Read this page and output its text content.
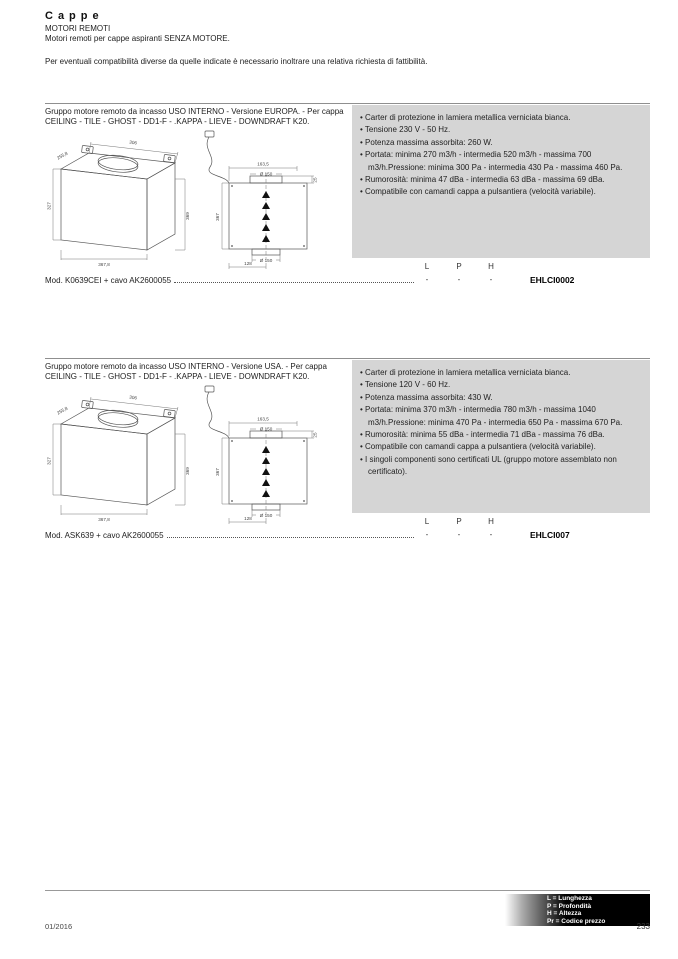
Cappe
MOTORI REMOTI
Motori remoti per cappe aspiranti SENZA MOTORE.
Per eventuali compatibilità diverse da quelle indicate è necessario inoltrare una relativa richiesta di fattibilità.

Gruppo motore remoto da incasso USO INTERNO - Versione EUROPA. - Per cappa CEILING - TILE - GHOST - DD1-F - .KAPPA - LIEVE - DOWNDRAFT K20.

306
255,8
327
369
367,8
163,5
Ø 150
25
367
Ø 150
128
• Carter di protezione in lamiera metallica verniciata bianca.
• Tensione 230 V - 50 Hz.
• Potenza massima assorbita: 260 W.
• Portata: minima 270 m3/h - intermedia 520 m3/h - massima 700 m3/h.Pressione: minima 300 Pa - intermedia 430 Pa - massima 460 Pa.
• Rumorosità: minima 47 dBa - intermedia 63 dBa - massima 69 dBa.
• Compatibile con camandi cappa a pulsantiera (velocità variabile).
L	P	H
Mod. K0639CEI + cavo AK2600055	-	-	-	EHLCI0002

Gruppo motore remoto da incasso USO INTERNO - Versione USA. - Per cappa CEILING - TILE - GHOST - DD1-F - .KAPPA - LIEVE - DOWNDRAFT K20.

306
255,8
327
369
367,8
163,5
Ø 150
25
367
Ø 150
128
• Carter di protezione in lamiera metallica verniciata bianca.
• Tensione 120 V - 60 Hz.
• Potenza massima assorbita: 430 W.
• Portata: minima 370 m3/h - intermedia 780 m3/h - massima 1040 m3/h.Pressione: minima 470 Pa - intermedia 650 Pa - massima 670 Pa.
• Rumorosità: minima 55 dBa - intermedia 71 dBa - massima 76 dBa.
• Compatibile con camandi cappa a pulsantiera (velocità variabile).
• I singoli componenti sono certificati UL (gruppo motore assemblato non certificato).
L	P	H
Mod. ASK639 + cavo AK2600055	-	-	-	EHLCI007
L = Lunghezza
P = Profondità
H = Altezza
Pr = Codice prezzo
01/2016	233
